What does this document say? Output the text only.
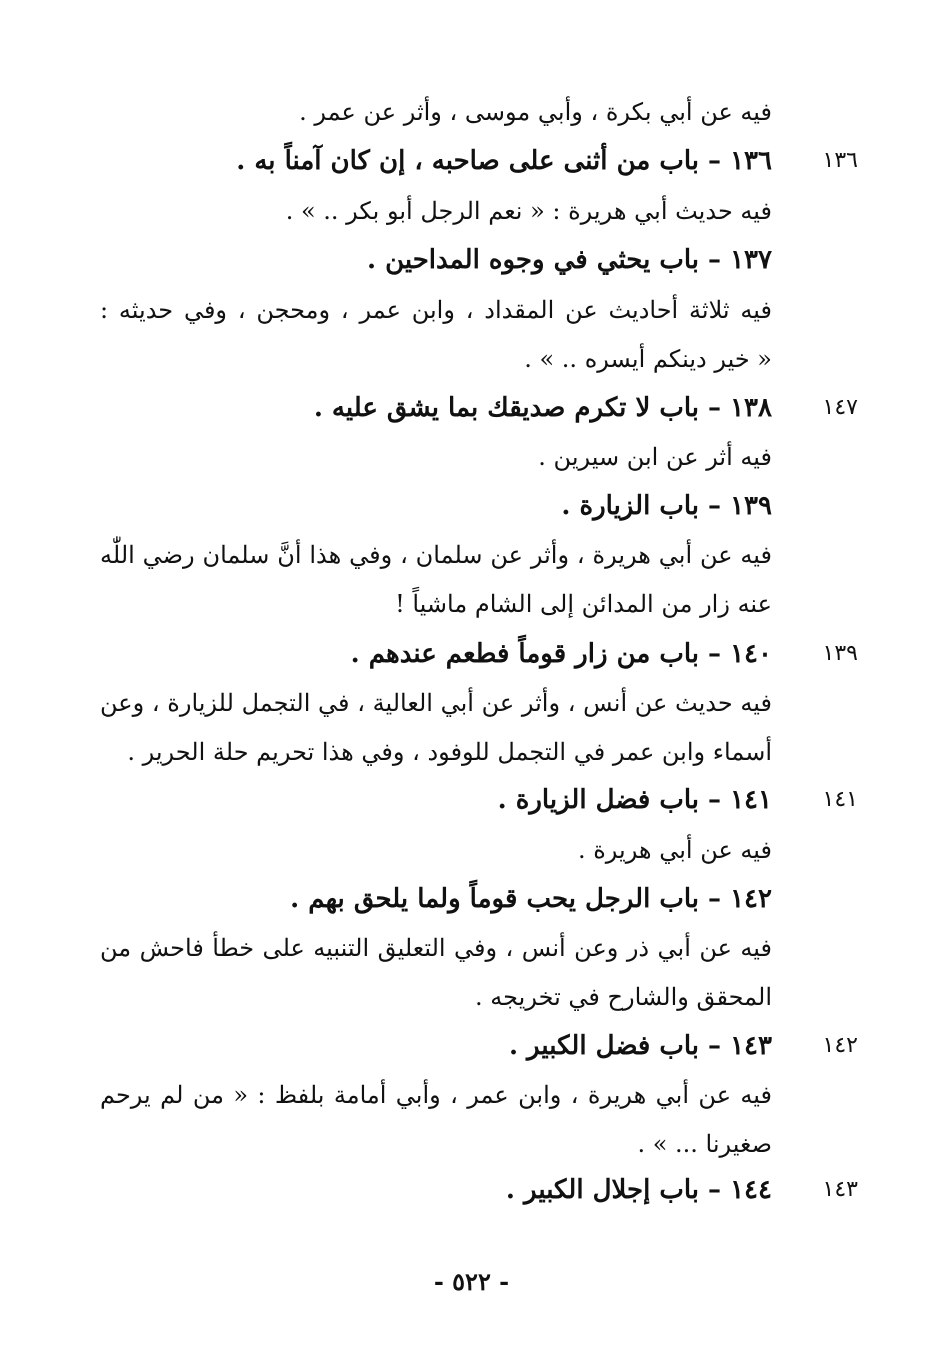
فيه عن أبي بكرة ، وأبي موسى ، وأثر عن عمر .
١٣٦
١٣٦ – باب من أثنى على صاحبه ، إن كان آمناً به .
فيه حديث أبي هريرة : « نعم الرجل أبو بكر .. » .
١٣٧ – باب يحثي في وجوه المداحين .
فيه ثلاثة أحاديث عن المقداد ، وابن عمر ، ومحجن ، وفي حديثه :
« خير دينكم أيسره .. » .
١٤٧
١٣٨ – باب لا تكرم صديقك بما يشق عليه .
فيه أثر عن ابن سيرين .
١٣٩ – باب الزيارة .
فيه عن أبي هريرة ، وأثر عن سلمان ، وفي هذا أنَّ سلمان رضي اللّٰه
عنه زار من المدائن إلى الشام ماشياً !
١٣٩
١٤٠ – باب من زار قوماً فطعم عندهم .
فيه حديث عن أنس ، وأثر عن أبي العالية ، في التجمل للزيارة ، وعن
أسماء وابن عمر في التجمل للوفود ، وفي هذا تحريم حلة الحرير .
١٤١
١٤١ – باب فضل الزيارة .
فيه عن أبي هريرة .
١٤٢ – باب الرجل يحب قوماً ولما يلحق بهم .
فيه عن أبي ذر وعن أنس ، وفي التعليق التنبيه على خطأ فاحش من
المحقق والشارح في تخريجه .
١٤٢
١٤٣ – باب فضل الكبير .
فيه عن أبي هريرة ، وابن عمر ، وأبي أمامة بلفظ : « من لم يرحم
صغيرنا ... » .
١٤٣
١٤٤ – باب إجلال الكبير .
- ٥٢٢ -
